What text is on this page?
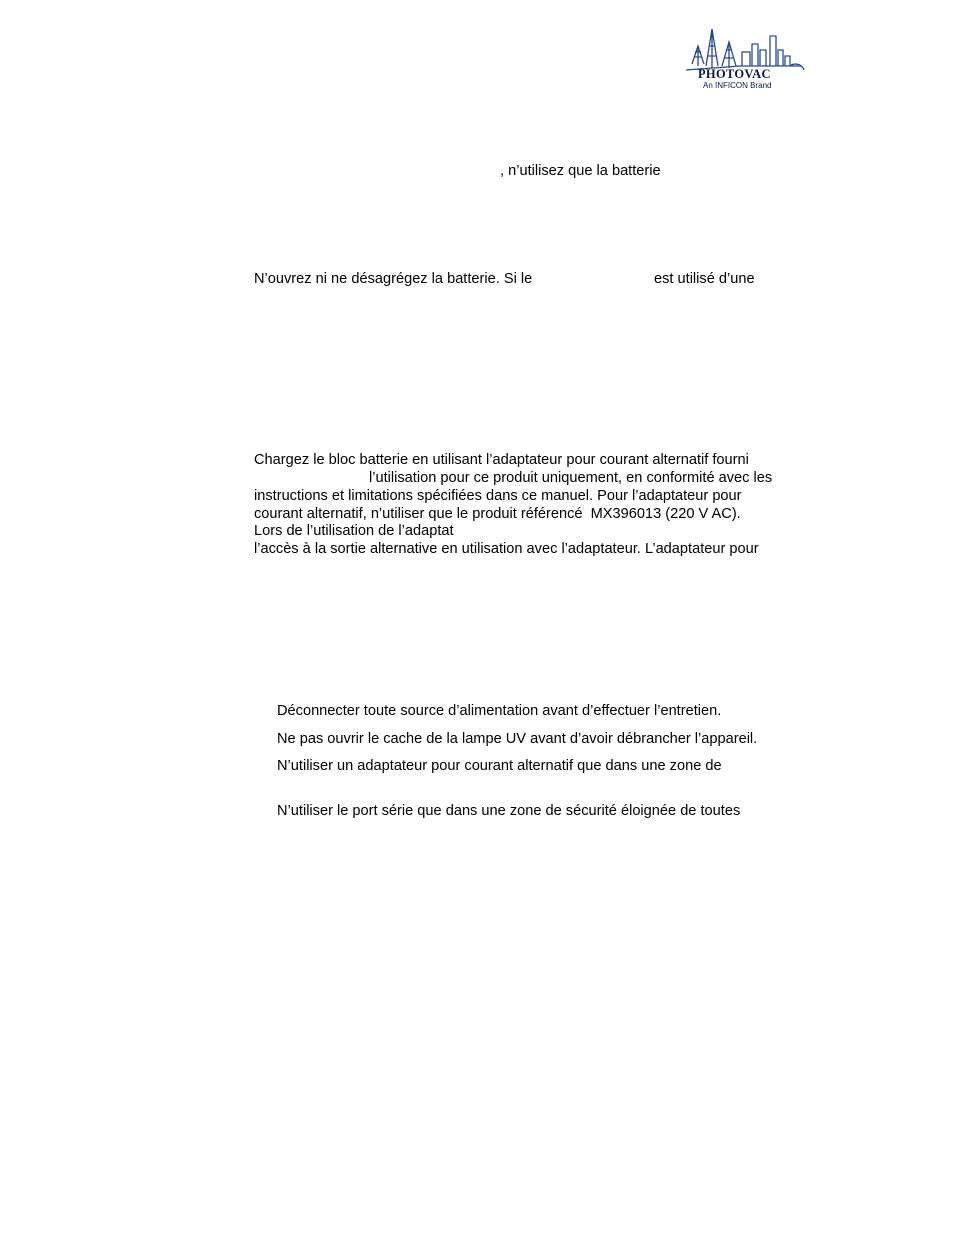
PHOTOVAC
An INFICON Brand
, n’utilisez que la batterie
N’ouvrez ni ne désagrégez la batterie. Si le	est utilisé d’une
Chargez le bloc batterie en utilisant l’adaptateur pour courant alternatif fourni
l’utilisation pour ce produit uniquement, en conformité avec les
instructions et limitations spécifiées dans ce manuel. Pour l’adaptateur pour
courant alternatif, n’utiliser que le produit référencé  MX396013 (220 V AC).
Lors de l’utilisation de l’adaptat
l’accès à la sortie alternative en utilisation avec l’adaptateur. L’adaptateur pour
Déconnecter toute source d’alimentation avant d’effectuer l’entretien.
Ne pas ouvrir le cache de la lampe UV avant d’avoir débrancher l’appareil.
N’utiliser un adaptateur pour courant alternatif que dans une zone de
N’utiliser le port série que dans une zone de sécurité éloignée de toutes
